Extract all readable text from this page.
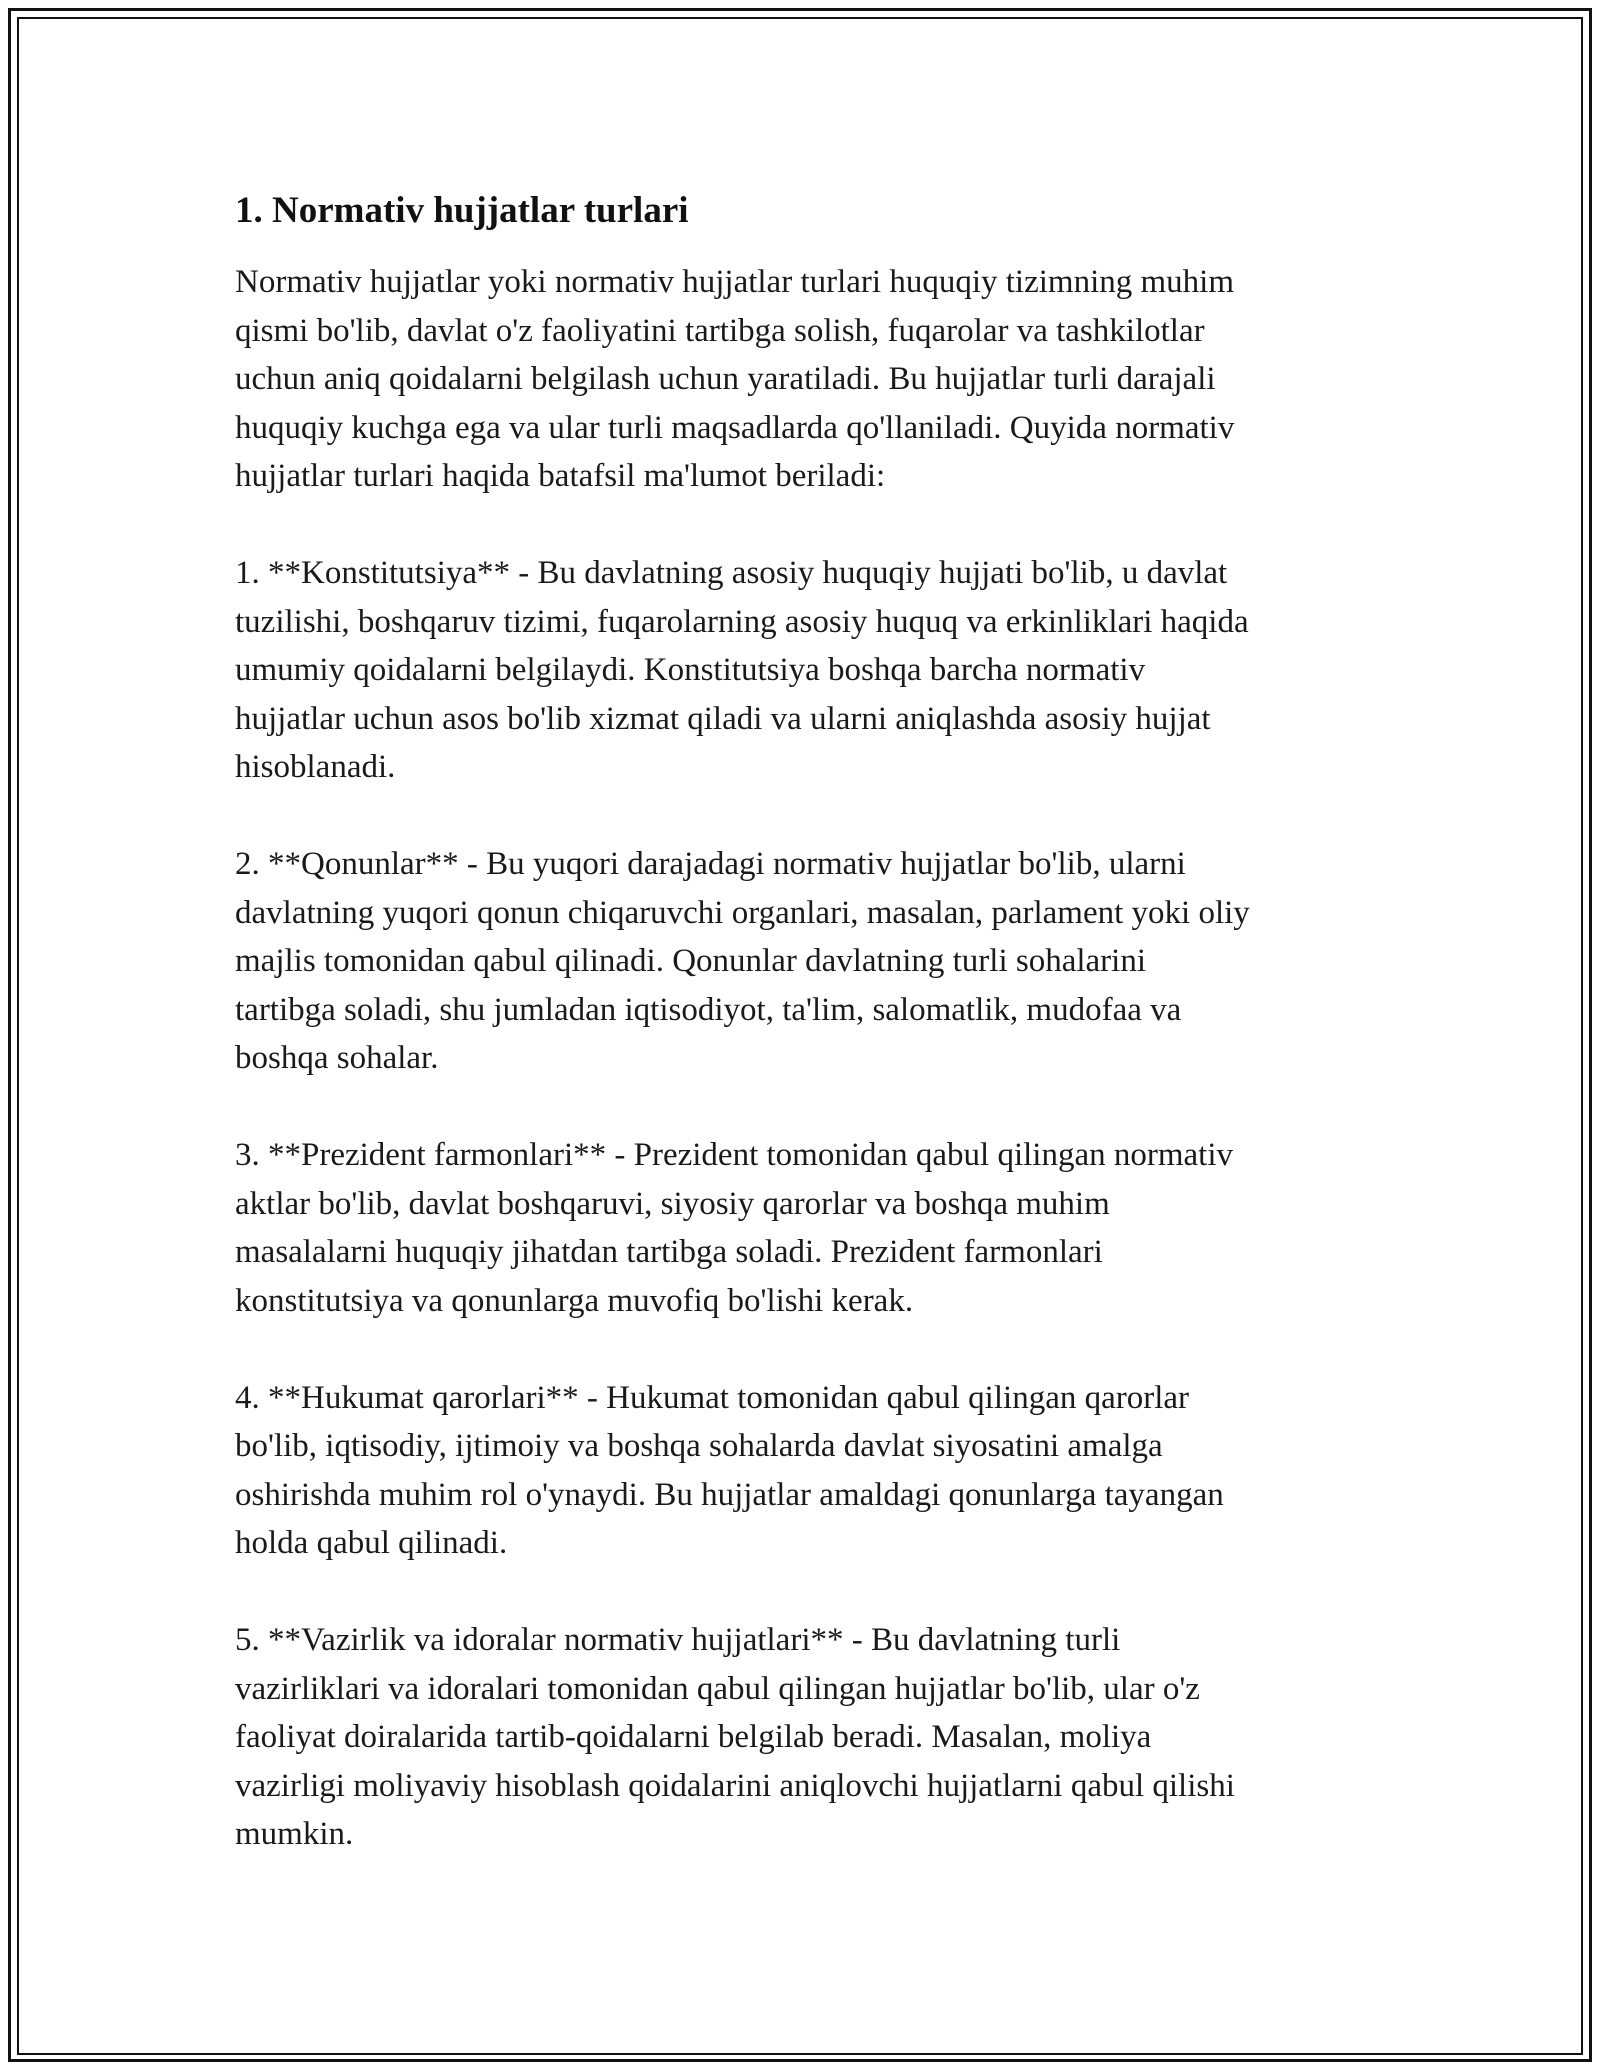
1. Normativ hujjatlar turlari

Normativ hujjatlar yoki normativ hujjatlar turlari huquqiy tizimning muhim
qismi bo'lib, davlat o'z faoliyatini tartibga solish, fuqarolar va tashkilotlar
uchun aniq qoidalarni belgilash uchun yaratiladi. Bu hujjatlar turli darajali
huquqiy kuchga ega va ular turli maqsadlarda qo'llaniladi. Quyida normativ
hujjatlar turlari haqida batafsil ma'lumot beriladi:

1. **Konstitutsiya** - Bu davlatning asosiy huquqiy hujjati bo'lib, u davlat
tuzilishi, boshqaruv tizimi, fuqarolarning asosiy huquq va erkinliklari haqida
umumiy qoidalarni belgilaydi. Konstitutsiya boshqa barcha normativ
hujjatlar uchun asos bo'lib xizmat qiladi va ularni aniqlashda asosiy hujjat
hisoblanadi.

2. **Qonunlar** - Bu yuqori darajadagi normativ hujjatlar bo'lib, ularni
davlatning yuqori qonun chiqaruvchi organlari, masalan, parlament yoki oliy
majlis tomonidan qabul qilinadi. Qonunlar davlatning turli sohalarini
tartibga soladi, shu jumladan iqtisodiyot, ta'lim, salomatlik, mudofaa va
boshqa sohalar.

3. **Prezident farmonlari** - Prezident tomonidan qabul qilingan normativ
aktlar bo'lib, davlat boshqaruvi, siyosiy qarorlar va boshqa muhim
masalalarni huquqiy jihatdan tartibga soladi. Prezident farmonlari
konstitutsiya va qonunlarga muvofiq bo'lishi kerak.

4. **Hukumat qarorlari** - Hukumat tomonidan qabul qilingan qarorlar
bo'lib, iqtisodiy, ijtimoiy va boshqa sohalarda davlat siyosatini amalga
oshirishda muhim rol o'ynaydi. Bu hujjatlar amaldagi qonunlarga tayangan
holda qabul qilinadi.

5. **Vazirlik va idoralar normativ hujjatlari** - Bu davlatning turli
vazirliklari va idoralari tomonidan qabul qilingan hujjatlar bo'lib, ular o'z
faoliyat doiralarida tartib-qoidalarni belgilab beradi. Masalan, moliya
vazirligi moliyaviy hisoblash qoidalarini aniqlovchi hujjatlarni qabul qilishi
mumkin.
